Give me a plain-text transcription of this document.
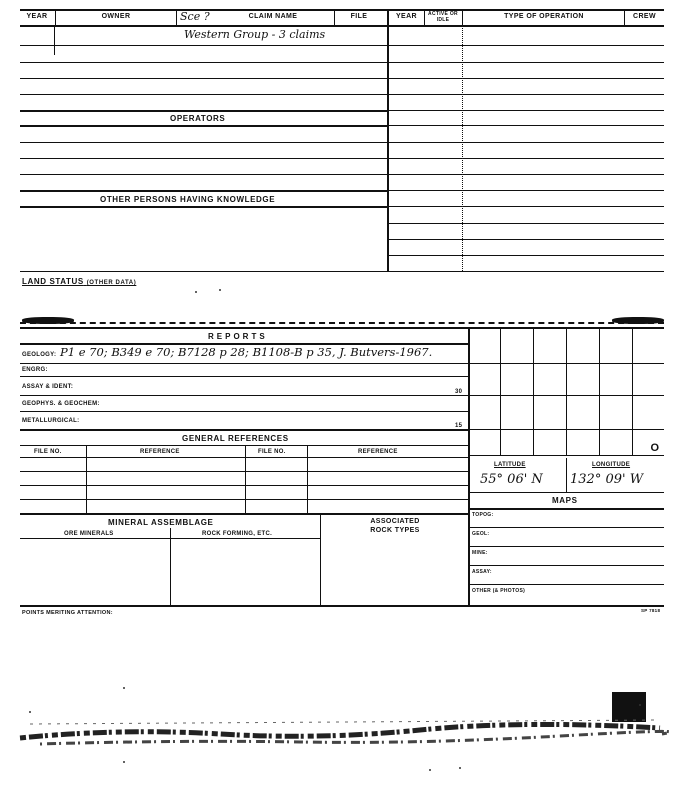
YEAR	OWNER	Sce ?	CLAIM NAME	FILE	YEAR	ACTIVE OR IDLE	TYPE OF OPERATION	CREW
Western Group - 3 claims
OPERATORS
OTHER PERSONS HAVING KNOWLEDGE
LAND STATUS (OTHER DATA)
REPORTS
GEOLOGY: P1 e 70; B349 e 70; B7128 p 28; B1108-B p 35, J. Butvers-1967.
ENGRG:
ASSAY & IDENT:
30
GEOPHYS. & GEOCHEM:
METALLURGICAL:
15
GENERAL REFERENCES
FILE NO.	REFERENCE	FILE NO.	REFERENCE
MINERAL ASSEMBLAGE
ORE MINERALS	ROCK FORMING, ETC.
ASSOCIATED
ROCK TYPES
O
LATITUDE	LONGITUDE
55° 06' N 132° 09' W
MAPS
TOPOG:
GEOL:
MINE:
ASSAY:
OTHER (& PHOTOS)
POINTS MERITING ATTENTION:	SP 7818
